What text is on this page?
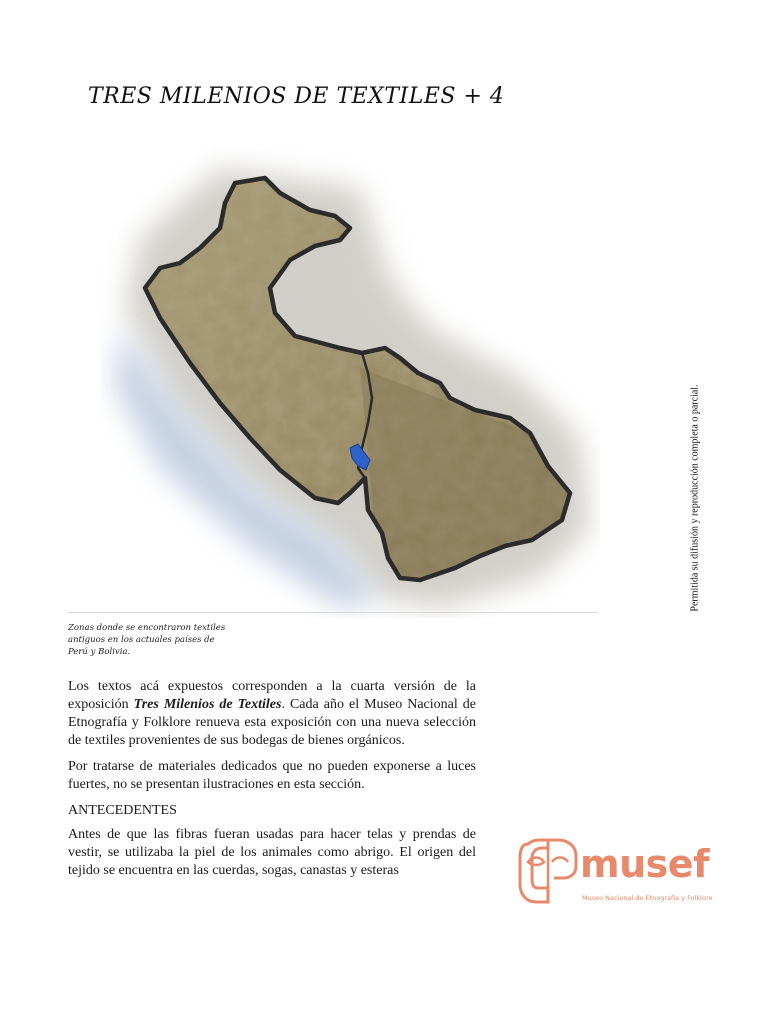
TRES MILENIOS DE TEXTILES + 4
Zonas donde se encontraron textiles
antiguos en los actuales países de
Perú y Bolivia.
Permitida su difusión y reproducción completa o parcial.

Los textos acá expuestos corresponden a la cuarta versión de la exposición Tres Milenios de Textiles. Cada año el Museo Nacional de Etnografía y Folklore renueva esta exposición con una nueva selección de textiles provenientes de sus bodegas de bienes orgánicos.

Por tratarse de materiales dedicados que no pueden exponerse a luces fuertes, no se presentan ilustraciones en esta sección.

ANTECEDENTES

Antes de que las fibras fueran usadas para hacer telas y prendas de vestir, se utilizaba la piel de los animales como abrigo. El origen del tejido se encuentra en las cuerdas, sogas, canastas y esteras	musef
Museo Nacional de Etnografía y Folklore
